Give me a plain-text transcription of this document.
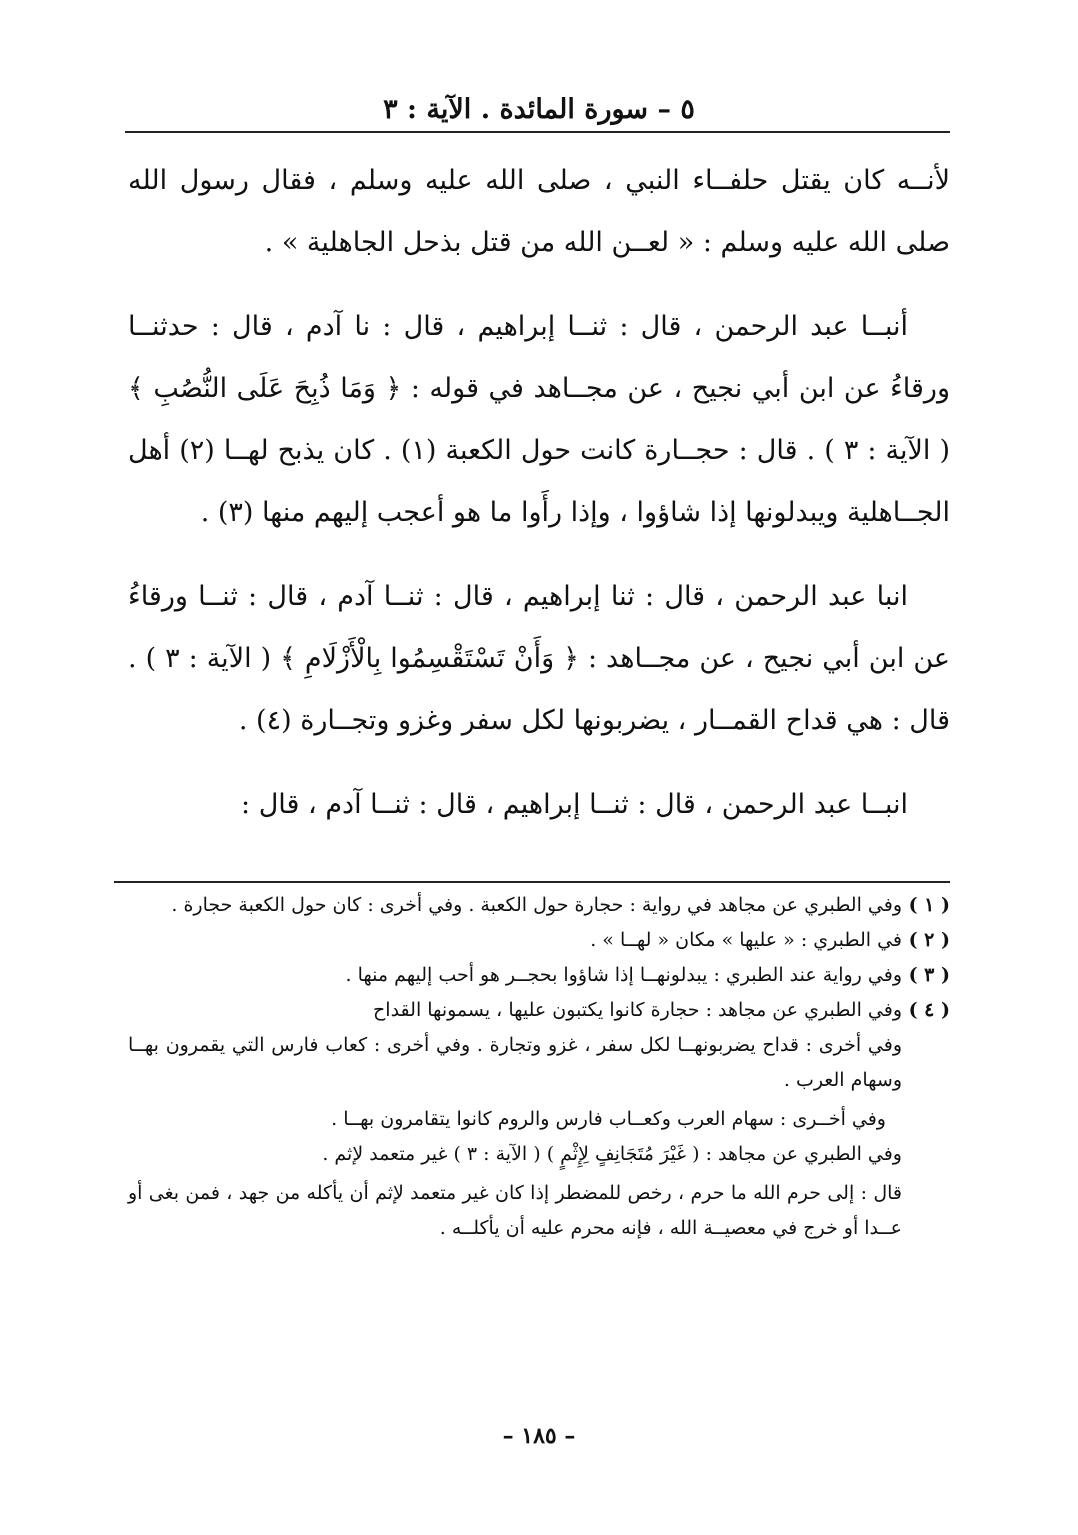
٥ – سورة المائدة . الآية : ٣

لأنــه كان يقتل حلفــاء النبي ، صلى الله عليه وسلم ، فقال رسول الله صلى الله عليه وسلم : « لعــن الله من قتل بذحل الجاهلية » .

أنبــا عبد الرحمن ، قال : ثنــا إبراهيم ، قال : نا آدم ، قال : حدثنــا ورقاءُ عن ابن أبي نجيح ، عن مجــاهد في قوله : ﴿ وَمَا ذُبِحَ عَلَى النُّصُبِ ﴾ ( الآية : ٣ ) . قال : حجــارة كانت حول الكعبة (١) . كان يذبح لهــا (٢) أهل الجــاهلية ويبدلونها إذا شاؤوا ، وإذا رأَوا ما هو أعجب إليهم منها (٣) .

انبا عبد الرحمن ، قال : ثنا إبراهيم ، قال : ثنــا آدم ، قال : ثنــا ورقاءُ عن ابن أبي نجيح ، عن مجــاهد : ﴿ وَأَنْ تَسْتَقْسِمُوا بِالْأَزْلَامِ ﴾ ( الآية : ٣ ) . قال : هي قداح القمــار ، يضربونها لكل سفر وغزو وتجــارة (٤) .

انبــا عبد الرحمن ، قال : ثنــا إبراهيم ، قال : ثنــا آدم ، قال :

( ١ )
وفي الطبري عن مجاهد في رواية : حجارة حول الكعبة . وفي أخرى : كان حول الكعبة حجارة .
( ٢ )
في الطبري : « عليها » مكان « لهــا » .
( ٣ )
وفي رواية عند الطبري : يبدلونهــا إذا شاؤوا بحجــر هو أحب إليهم منها .
( ٤ )
وفي الطبري عن مجاهد : حجارة كانوا يكتبون عليها ، يسمونها القداح

وفي أخرى : قداح يضربونهــا لكل سفر ، غزو وتجارة . وفي أخرى : كعاب فارس التي يقمرون بهــا وسهام العرب .

وفي أخــرى : سهام العرب وكعــاب فارس والروم كانوا يتقامرون بهــا .

وفي الطبري عن مجاهد : ( غَيْرَ مُتَجَانِفٍ لِإِثْمٍ ) ( الآية : ٣ ) غير متعمد لإثم .

قال : إلى حرم الله ما حرم ، رخص للمضطر إذا كان غير متعمد لإثم أن يأكله من جهد ، فمن بغى أو عــدا أو خرج في معصيــة الله ، فإنه محرم عليه أن يأكلــه .

– ١٨٥ –
